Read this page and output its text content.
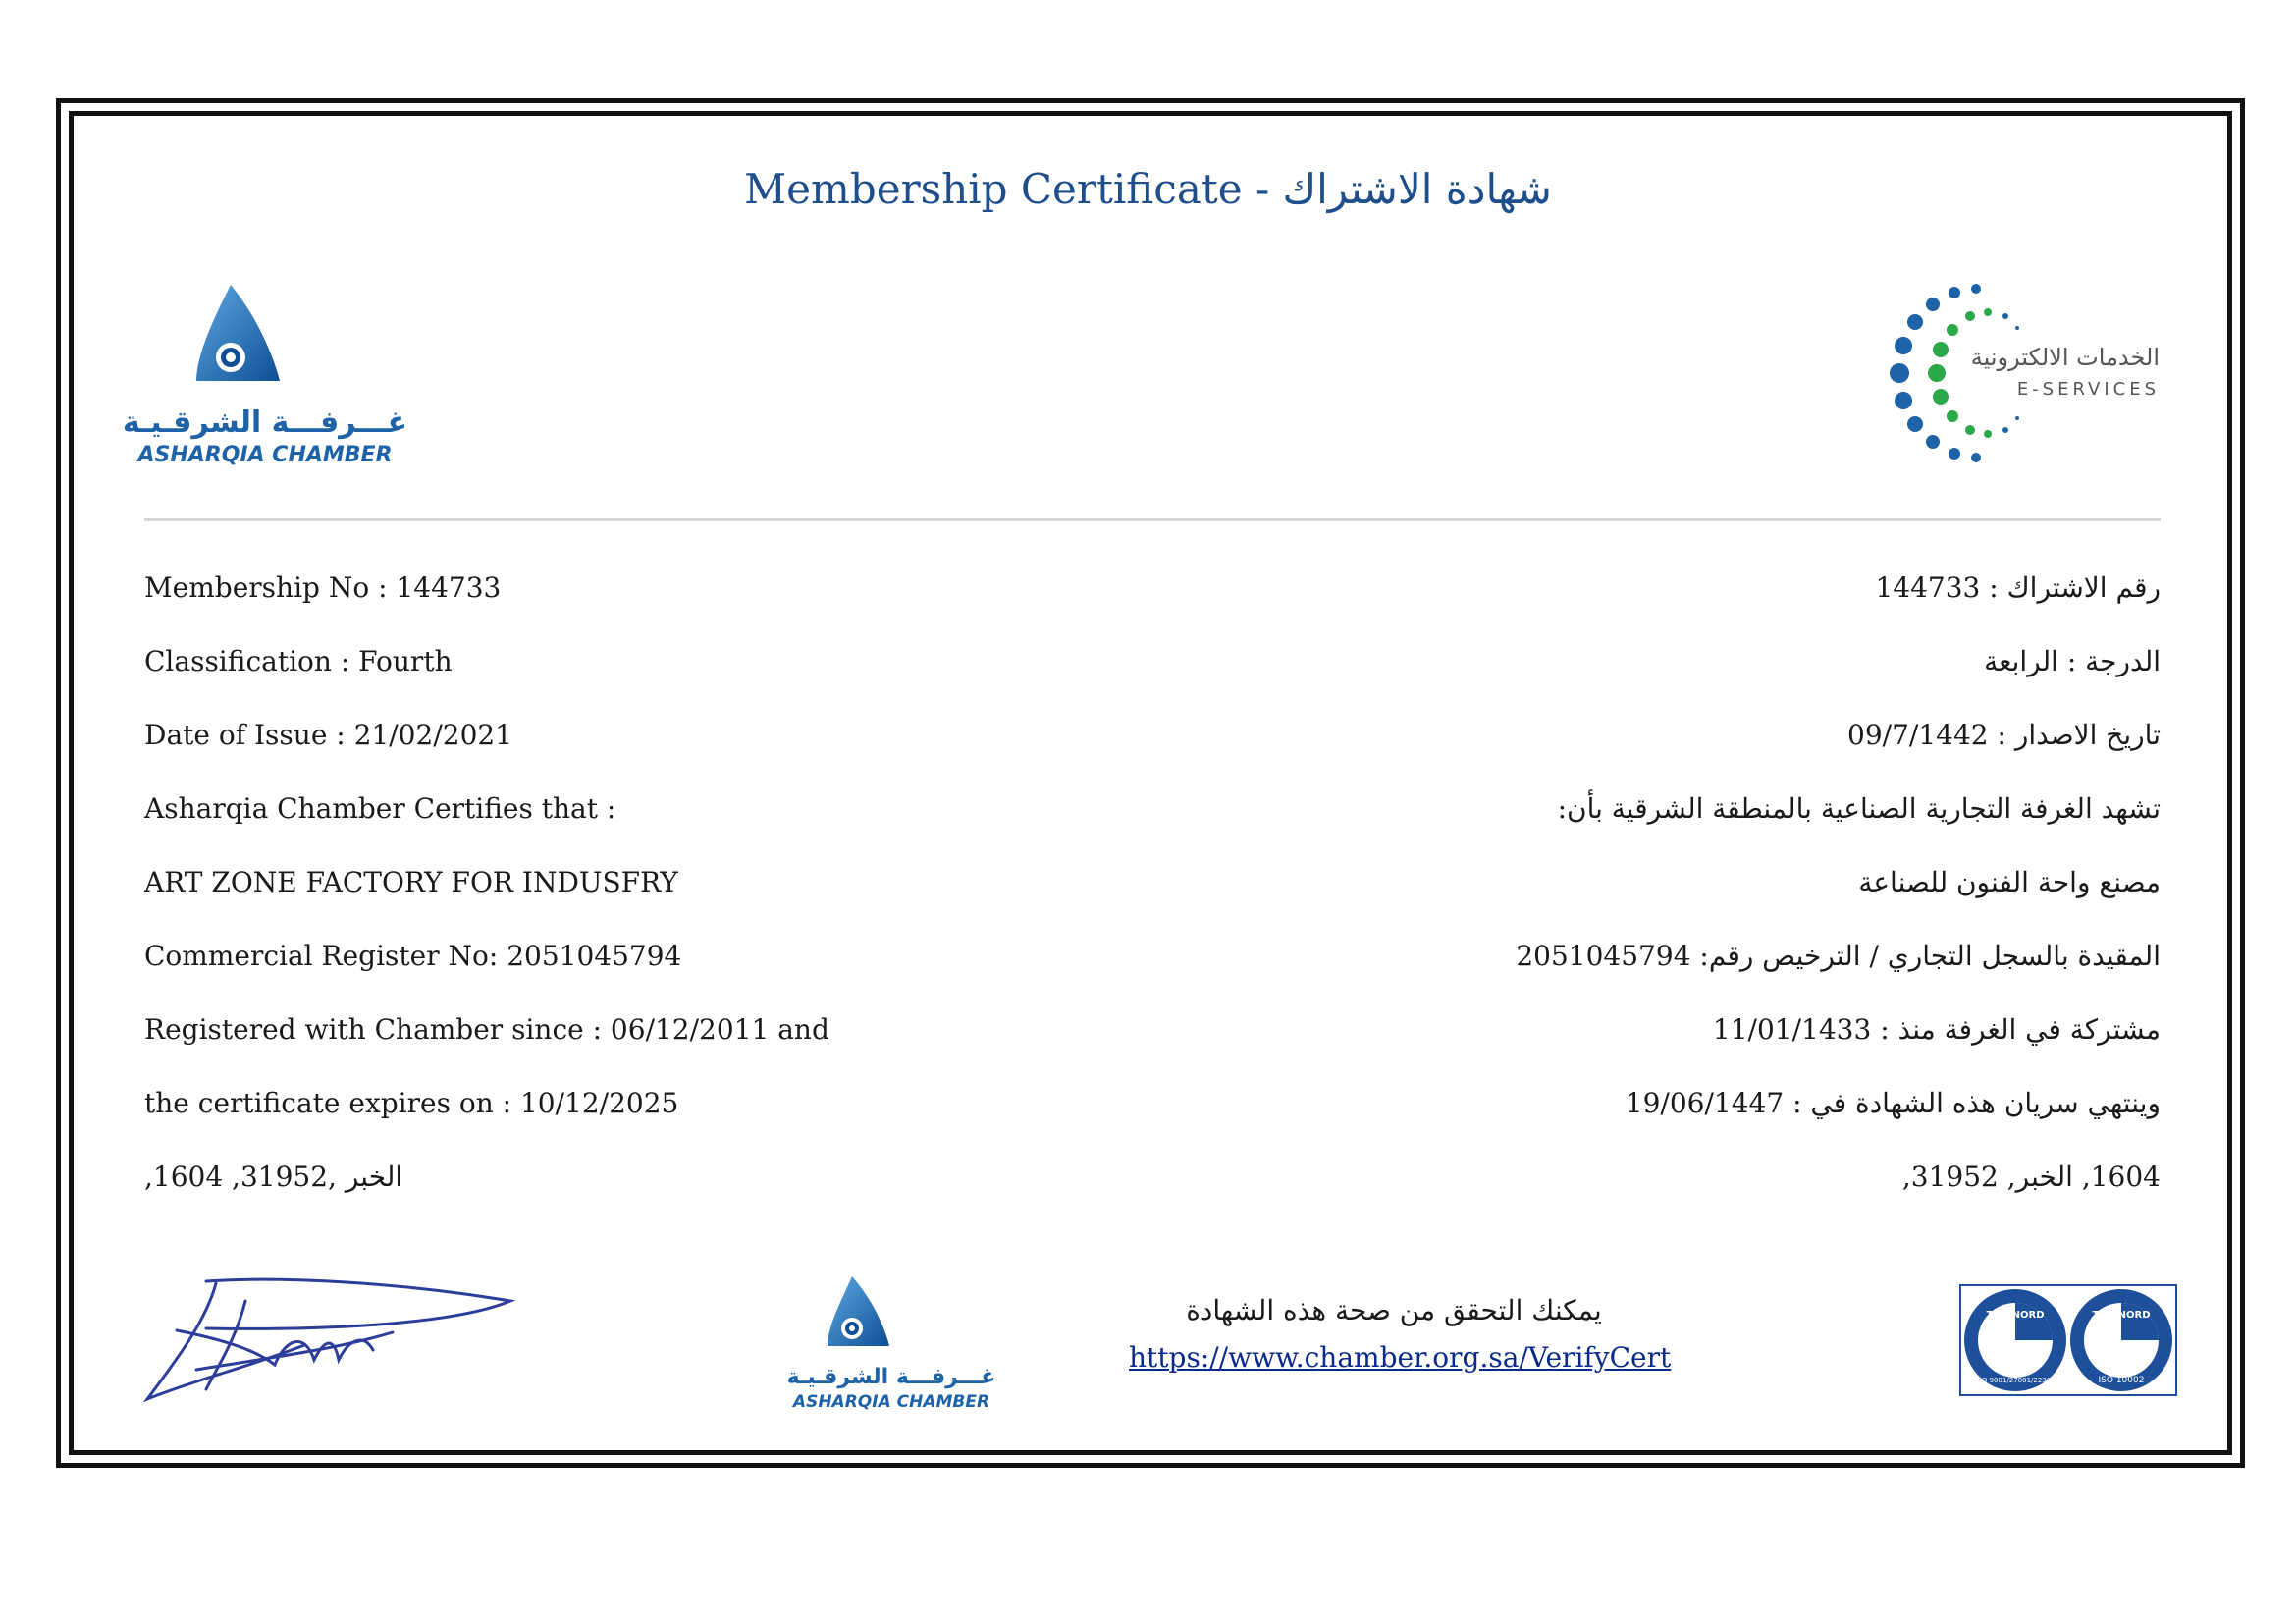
Membership Certificate - شهادة الاشتراك
غـــرفـــة الشرقـيـة
ASHARQIA CHAMBER
الخدمات الالكترونية
E-SERVICES
Membership No : 144733
Classification : Fourth
Date of Issue : 21/02/2021
Asharqia Chamber Certifies that :
ART ZONE FACTORY FOR INDUSFRY
Commercial Register No: 2051045794
Registered with Chamber since : 06/12/2011 and
the certificate expires on : 10/12/2025
,1604 ,الخبر ,31952
رقم الاشتراك : 144733
الدرجة : الرابعة
تاريخ الاصدار : 09/7/1442
تشهد الغرفة التجارية الصناعية بالمنطقة الشرقية بأن:
مصنع واحة الفنون للصناعة
المقيدة بالسجل التجاري / الترخيص رقم: 2051045794
مشتركة في الغرفة منذ : 11/01/1433
وينتهي سريان هذه الشهادة في : 19/06/1447
1604, الخبر, 31952,
غـــرفـــة الشرقـيـة
ASHARQIA CHAMBER
يمكنك التحقق من صحة هذه الشهادة
https://www.chamber.org.sa/VerifyCert
TÜV NORD
ISO 9001/27001/22301
TÜV NORD
ISO 10002
